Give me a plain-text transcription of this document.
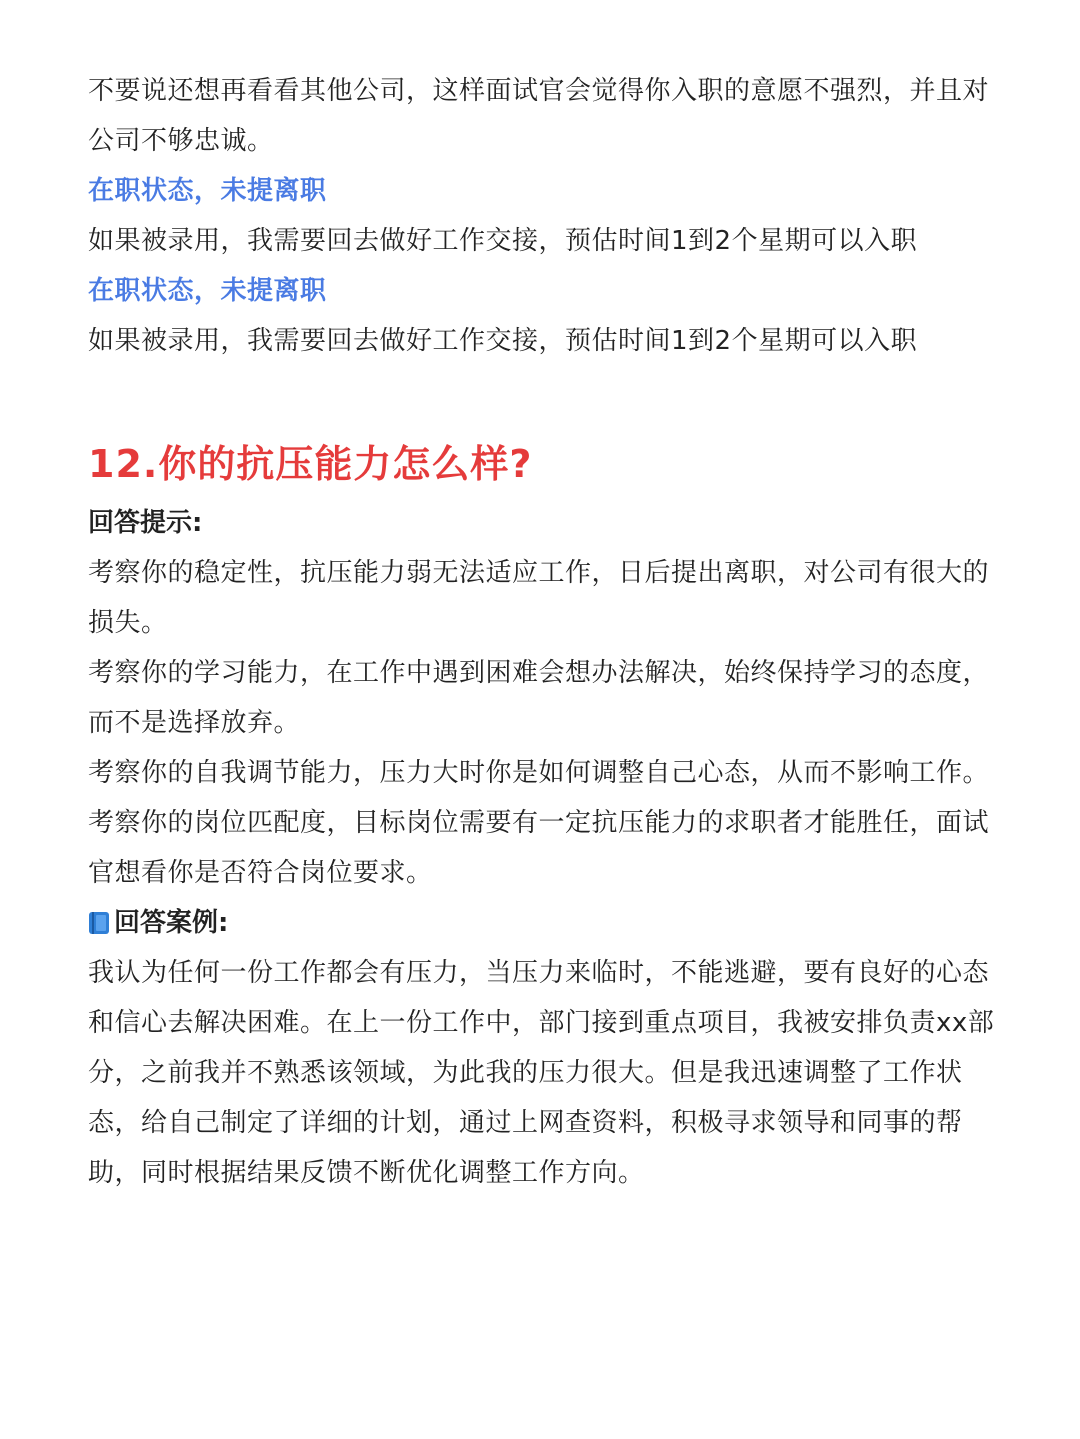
不要说还想再看看其他公司，这样面试官会觉得你入职的意愿不强烈，并且对公司不够忠诚。

在职状态，未提离职

如果被录用，我需要回去做好工作交接，预估时间1到2个星期可以入职

在职状态，未提离职

如果被录用，我需要回去做好工作交接，预估时间1到2个星期可以入职

12.你的抗压能力怎么样?

回答提示:

考察你的稳定性，抗压能力弱无法适应工作，日后提出离职，对公司有很大的损失。

考察你的学习能力，在工作中遇到困难会想办法解决，始终保持学习的态度，而不是选择放弃。

考察你的自我调节能力，压力大时你是如何调整自己心态，从而不影响工作。

考察你的岗位匹配度，目标岗位需要有一定抗压能力的求职者才能胜任，面试官想看你是否符合岗位要求。

回答案例:

我认为任何一份工作都会有压力，当压力来临时，不能逃避，要有良好的心态和信心去解决困难。在上一份工作中，部门接到重点项目，我被安排负责xx部分，之前我并不熟悉该领域，为此我的压力很大。但是我迅速调整了工作状态，给自己制定了详细的计划，通过上网查资料，积极寻求领导和同事的帮助，同时根据结果反馈不断优化调整工作方向。
